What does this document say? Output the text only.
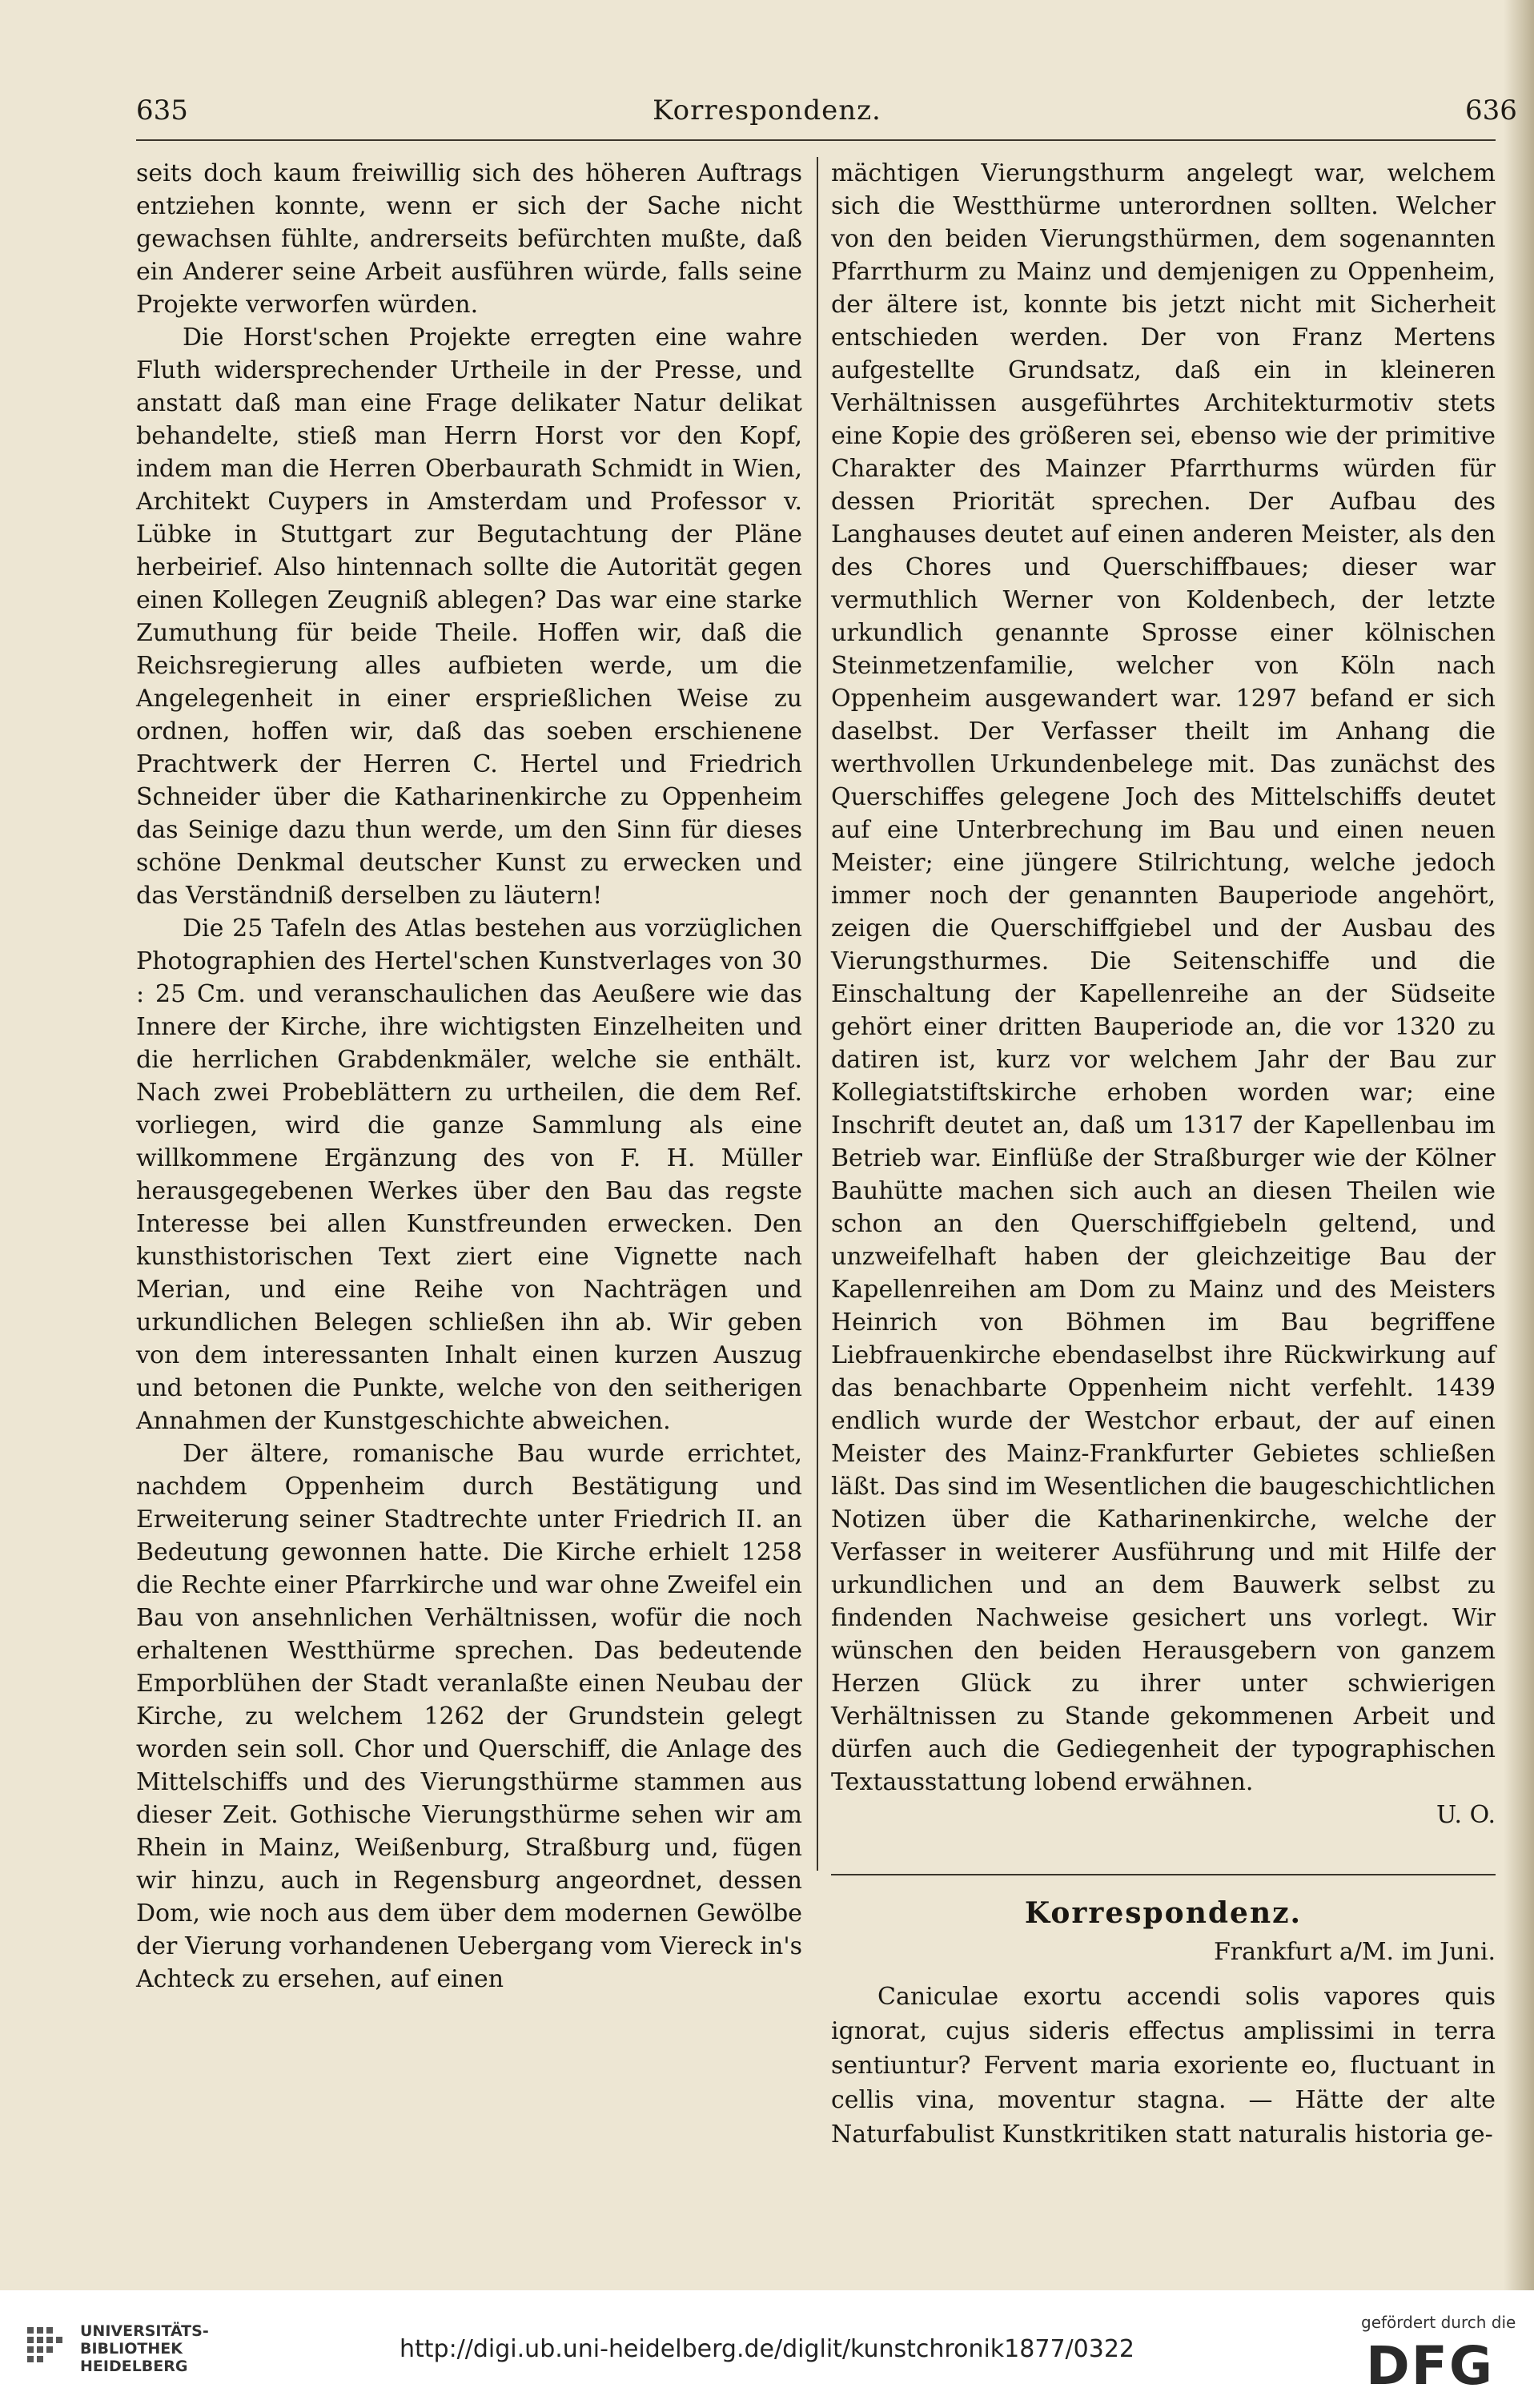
635	Korrespondenz.	636

seits doch kaum freiwillig sich des höheren Auftrags entziehen konnte, wenn er sich der Sache nicht gewachsen fühlte, andrerseits befürchten mußte, daß ein Anderer seine Arbeit ausführen würde, falls seine Projekte verworfen würden.

Die Horst'schen Projekte erregten eine wahre Fluth widersprechender Urtheile in der Presse, und anstatt daß man eine Frage delikater Natur delikat behandelte, stieß man Herrn Horst vor den Kopf, indem man die Herren Oberbaurath Schmidt in Wien, Architekt Cuypers in Amsterdam und Professor v. Lübke in Stuttgart zur Begutachtung der Pläne herbeirief. Also hintennach sollte die Autorität gegen einen Kollegen Zeugniß ablegen? Das war eine starke Zumuthung für beide Theile. Hoffen wir, daß die Reichsregierung alles aufbieten werde, um die Angelegenheit in einer ersprießlichen Weise zu ordnen, hoffen wir, daß das soeben erschienene Prachtwerk der Herren C. Hertel und Friedrich Schneider über die Katharinenkirche zu Oppenheim das Seinige dazu thun werde, um den Sinn für dieses schöne Denkmal deutscher Kunst zu erwecken und das Verständniß derselben zu läutern!

Die 25 Tafeln des Atlas bestehen aus vorzüglichen Photographien des Hertel'schen Kunstverlages von 30 : 25 Cm. und veranschaulichen das Aeußere wie das Innere der Kirche, ihre wichtigsten Einzelheiten und die herrlichen Grabdenkmäler, welche sie enthält. Nach zwei Probeblättern zu urtheilen, die dem Ref. vorliegen, wird die ganze Sammlung als eine willkommene Ergänzung des von F. H. Müller herausgegebenen Werkes über den Bau das regste Interesse bei allen Kunstfreunden erwecken. Den kunsthistorischen Text ziert eine Vignette nach Merian, und eine Reihe von Nachträgen und urkundlichen Belegen schließen ihn ab. Wir geben von dem interessanten Inhalt einen kurzen Auszug und betonen die Punkte, welche von den seitherigen Annahmen der Kunstgeschichte abweichen.

Der ältere, romanische Bau wurde errichtet, nachdem Oppenheim durch Bestätigung und Erweiterung seiner Stadtrechte unter Friedrich II. an Bedeutung gewonnen hatte. Die Kirche erhielt 1258 die Rechte einer Pfarrkirche und war ohne Zweifel ein Bau von ansehnlichen Verhältnissen, wofür die noch erhaltenen Westthürme sprechen. Das bedeutende Emporblühen der Stadt veranlaßte einen Neubau der Kirche, zu welchem 1262 der Grundstein gelegt worden sein soll. Chor und Querschiff, die Anlage des Mittelschiffs und des Vierungsthürme stammen aus dieser Zeit. Gothische Vierungsthürme sehen wir am Rhein in Mainz, Weißenburg, Straßburg und, fügen wir hinzu, auch in Regensburg angeordnet, dessen Dom, wie noch aus dem über dem modernen Gewölbe der Vierung vorhandenen Uebergang vom Viereck in's Achteck zu ersehen, auf einen

mächtigen Vierungsthurm angelegt war, welchem sich die Westthürme unterordnen sollten. Welcher von den beiden Vierungsthürmen, dem sogenannten Pfarrthurm zu Mainz und demjenigen zu Oppenheim, der ältere ist, konnte bis jetzt nicht mit Sicherheit entschieden werden. Der von Franz Mertens aufgestellte Grundsatz, daß ein in kleineren Verhältnissen ausgeführtes Architekturmotiv stets eine Kopie des größeren sei, ebenso wie der primitive Charakter des Mainzer Pfarrthurms würden für dessen Priorität sprechen. Der Aufbau des Langhauses deutet auf einen anderen Meister, als den des Chores und Querschiffbaues; dieser war vermuthlich Werner von Koldenbech, der letzte urkundlich genannte Sprosse einer kölnischen Steinmetzenfamilie, welcher von Köln nach Oppenheim ausgewandert war. 1297 befand er sich daselbst. Der Verfasser theilt im Anhang die werthvollen Urkundenbelege mit. Das zunächst des Querschiffes gelegene Joch des Mittelschiffs deutet auf eine Unterbrechung im Bau und einen neuen Meister; eine jüngere Stilrichtung, welche jedoch immer noch der genannten Bauperiode angehört, zeigen die Querschiffgiebel und der Ausbau des Vierungsthurmes. Die Seitenschiffe und die Einschaltung der Kapellenreihe an der Südseite gehört einer dritten Bauperiode an, die vor 1320 zu datiren ist, kurz vor welchem Jahr der Bau zur Kollegiatstiftskirche erhoben worden war; eine Inschrift deutet an, daß um 1317 der Kapellenbau im Betrieb war. Einflüße der Straßburger wie der Kölner Bauhütte machen sich auch an diesen Theilen wie schon an den Querschiffgiebeln geltend, und unzweifelhaft haben der gleichzeitige Bau der Kapellenreihen am Dom zu Mainz und des Meisters Heinrich von Böhmen im Bau begriffene Liebfrauenkirche ebendaselbst ihre Rückwirkung auf das benachbarte Oppenheim nicht verfehlt. 1439 endlich wurde der Westchor erbaut, der auf einen Meister des Mainz-Frankfurter Gebietes schließen läßt. Das sind im Wesentlichen die baugeschichtlichen Notizen über die Katharinenkirche, welche der Verfasser in weiterer Ausführung und mit Hilfe der urkundlichen und an dem Bauwerk selbst zu findenden Nachweise gesichert uns vorlegt. Wir wünschen den beiden Herausgebern von ganzem Herzen Glück zu ihrer unter schwierigen Verhältnissen zu Stande gekommenen Arbeit und dürfen auch die Gediegenheit der typographischen Textausstattung lobend erwähnen.

U. O.

Korrespondenz.
Frankfurt a/M. im Juni.

Caniculae exortu accendi solis vapores quis ignorat, cujus sideris effectus amplissimi in terra sentiuntur? Fervent maria exoriente eo, fluctuant in cellis vina, moventur stagna. — Hätte der alte Naturfabulist Kunstkritiken statt naturalis historia ge-

UNIVERSITÄTS-
BIBLIOTHEK
HEIDELBERG
http://digi.ub.uni-heidelberg.de/diglit/kunstchronik1877/0322
gefördert durch die
DFG
